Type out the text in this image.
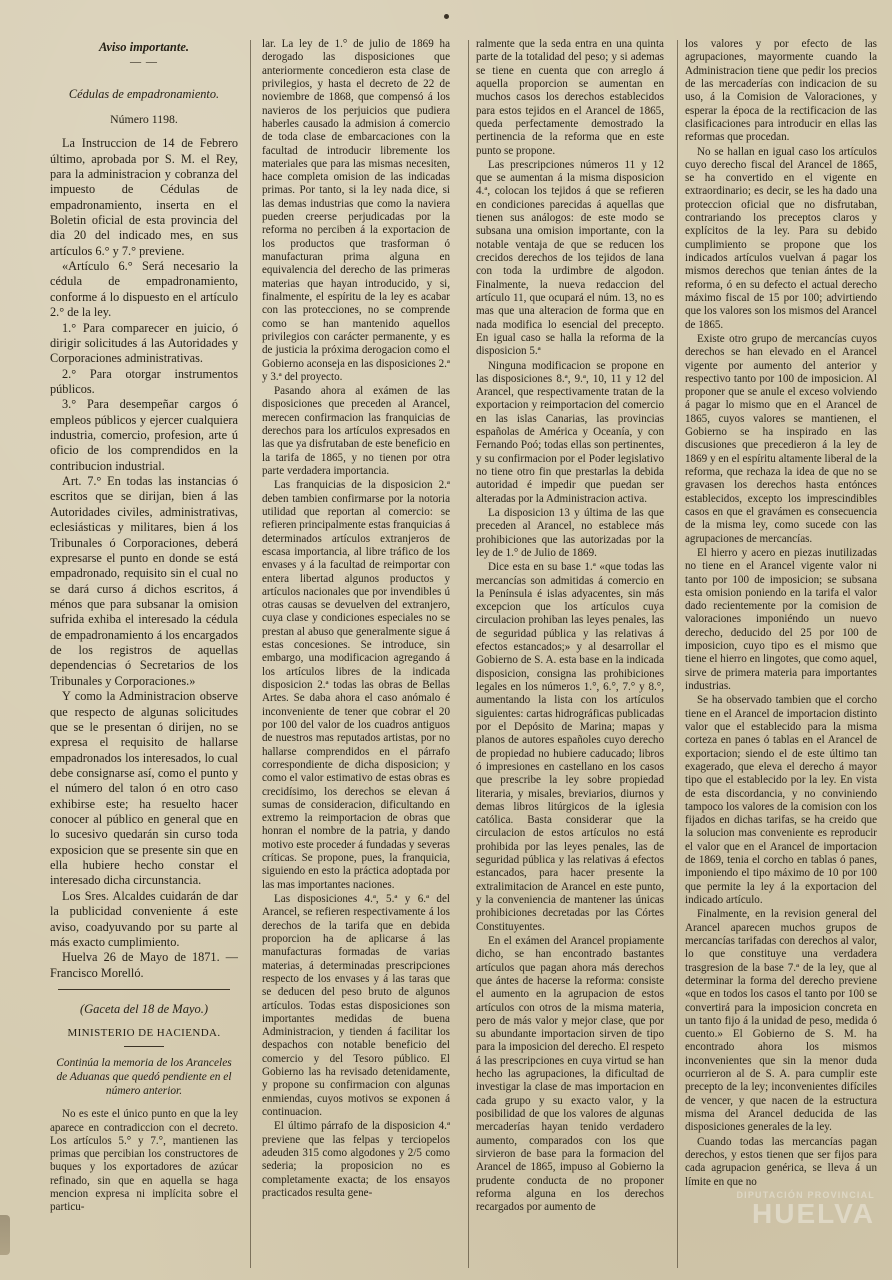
Aviso importante.

— —

Cédulas de empadronamiento.

Número 1198.

La Instruccion de 14 de Febrero último, aprobada por S. M. el Rey, para la administracion y cobranza del impuesto de Cédulas de empadronamiento, inserta en el Boletin oficial de esta provincia del dia 20 del indicado mes, en sus artículos 6.° y 7.° previene.

«Artículo 6.° Será necesario la cédula de empadronamiento, conforme á lo dispuesto en el artículo 2.° de la ley.

1.° Para comparecer en juicio, ó dirigir solicitudes á las Autoridades y Corporaciones administrativas.

2.° Para otorgar instrumentos públicos.

3.° Para desempeñar cargos ó empleos públicos y ejercer cualquiera industria, comercio, profesion, arte ú oficio de los comprendidos en la contribucion industrial.

Art. 7.° En todas las instancias ó escritos que se dirijan, bien á las Autoridades civiles, administrativas, eclesiásticas y militares, bien á los Tribunales ó Corporaciones, deberá expresarse el punto en donde se está empadronado, requisito sin el cual no se dará curso á dichos escritos, á ménos que para subsanar la omision sufrida exhiba el interesado la cédula de empadronamiento á los encargados de los registros de aquellas dependencias ó Secretarios de los Tribunales y Corporaciones.»

Y como la Administracion observe que respecto de algunas solicitudes que se le presentan ó dirijen, no se expresa el requisito de hallarse empadronados los interesados, lo cual debe consignarse así, como el punto y el número del talon ó en otro caso exhibirse este; ha resuelto hacer conocer al público en general que en lo sucesivo quedarán sin curso toda exposicion que se presente sin que en ella hubiere hecho constar el interesado dicha circunstancia.

Los Sres. Alcaldes cuidarán de dar la publicidad conveniente á este aviso, coadyuvando por su parte al más exacto cumplimiento.

Huelva 26 de Mayo de 1871. — Francisco Morelló.

(Gaceta del 18 de Mayo.)

MINISTERIO DE HACIENDA.

Continúa la memoria de los Aranceles de Aduanas que quedó pendiente en el número anterior.

No es este el único punto en que la ley aparece en contradiccion con el decreto. Los artículos 5.° y 7.°, mantienen las primas que percibian los constructores de buques y los exportadores de azúcar refinado, sin que en aquella se haga mencion expresa ni implícita sobre el particu-

lar. La ley de 1.° de julio de 1869 ha derogado las disposiciones que anteriormente concedieron esta clase de privilegios, y hasta el decreto de 22 de noviembre de 1868, que compensó á los navieros de los perjuicios que pudiera haberles causado la admision á comercio de toda clase de embarcaciones con la facultad de introducir libremente los materiales que para las mismas necesiten, hace completa omision de las indicadas primas. Por tanto, si la ley nada dice, si las demas industrias que como la naviera pueden creerse perjudicadas por la reforma no perciben á la exportacion de los productos que trasforman ó manufacturan prima alguna en equivalencia del derecho de las primeras materias que hayan introducido, y si, finalmente, el espíritu de la ley es acabar con las protecciones, no se comprende como se han mantenido aquellos privilegios con carácter permanente, y es de justicia la próxima derogacion como el Gobierno aconseja en las disposiciones 2.ª y 3.ª del proyecto.

Pasando ahora al exámen de las disposiciones que preceden al Arancel, merecen confirmacion las franquicias de derechos para los artículos expresados en las que ya disfrutaban de este beneficio en la tarifa de 1865, y no tienen por otra parte verdadera importancia.

Las franquicias de la disposicion 2.ª deben tambien confirmarse por la notoria utilidad que reportan al comercio: se refieren principalmente estas franquicias á determinados artículos extranjeros de escasa importancia, al libre tráfico de los envases y á la facultad de reimportar con entera libertad algunos productos y artículos nacionales que por invendibles ú otras causas se devuelven del extranjero, cuya clase y condiciones especiales no se prestan al abuso que generalmente sigue á estas concesiones. Se introduce, sin embargo, una modificacion agregando á los artículos libres de la indicada disposicion 2.ª todas las obras de Bellas Artes. Se daba ahora el caso anómalo é inconveniente de tener que cobrar el 20 por 100 del valor de los cuadros antiguos de nuestros mas reputados artistas, por no hallarse comprendidos en el párrafo correspondiente de dicha disposicion; y como el valor estimativo de estas obras es crecidísimo, los derechos se elevan á sumas de consideracion, dificultando en extremo la reimportacion de obras que honran el nombre de la patria, y dando motivo este proceder á fundadas y severas críticas. Se propone, pues, la franquicia, siguiendo en esto la práctica adoptada por las mas importantes naciones.

Las disposiciones 4.ª, 5.ª y 6.ª del Arancel, se refieren respectivamente á los derechos de la tarifa que en debida proporcion ha de aplicarse á las manufacturas formadas de varias materias, á determinadas prescripciones respecto de los envases y á las taras que se deducen del peso bruto de algunos artículos. Todas estas disposiciones son importantes medidas de buena Administracion, y tienden á facilitar los despachos con notable beneficio del comercio y del Tesoro público. El Gobierno las ha revisado detenidamente, y propone su confirmacion con algunas enmiendas, cuyos motivos se exponen á continuacion.

El último párrafo de la disposicion 4.ª previene que las felpas y terciopelos adeuden 315 como algodones y 2/5 como sederia; la proposicion no es completamente exacta; de los ensayos practicados resulta gene-

ralmente que la seda entra en una quinta parte de la totalidad del peso; y si ademas se tiene en cuenta que con arreglo á aquella proporcion se aumentan en muchos casos los derechos establecidos para estos tejidos en el Arancel de 1865, queda perfectamente demostrado la pertinencia de la reforma que en este punto se propone.

Las prescripciones números 11 y 12 que se aumentan á la misma disposicion 4.ª, colocan los tejidos á que se refieren en condiciones parecidas á aquellas que tienen sus análogos: de este modo se subsana una omision importante, con la notable ventaja de que se reducen los crecidos derechos de los tejidos de lana con toda la urdimbre de algodon. Finalmente, la nueva redaccion del artículo 11, que ocupará el núm. 13, no es mas que una alteracion de forma que en nada modifica lo esencial del precepto. En igual caso se halla la reforma de la disposicion 5.ª

Ninguna modificacion se propone en las disposiciones 8.ª, 9.ª, 10, 11 y 12 del Arancel, que respectivamente tratan de la exportacion y reimportacion del comercio en las islas Canarias, las provincias españolas de América y Oceanía, y con Fernando Poó; todas ellas son pertinentes, y su confirmacion por el Poder legislativo no tiene otro fin que prestarlas la debida autoridad é impedir que puedan ser alteradas por la Administracion activa.

La disposicion 13 y última de las que preceden al Arancel, no establece más prohibiciones que las autorizadas por la ley de 1.° de Julio de 1869.

Dice esta en su base 1.ª «que todas las mercancías son admitidas á comercio en la Península é islas adyacentes, sin más excepcion que los artículos cuya circulacion prohiban las leyes penales, las de seguridad pública y las relativas á efectos estancados;» y al desarrollar el Gobierno de S. A. esta base en la indicada disposicion, consigna las prohibiciones legales en los números 1.°, 6.°, 7.° y 8.°, aumentando la lista con los artículos siguientes: cartas hidrográficas publicadas por el Depósito de Marina; mapas y planos de autores españoles cuyo derecho de propiedad no hubiere caducado; libros ó impresiones en castellano en los casos que prescribe la ley sobre propiedad literaria, y misales, breviarios, diurnos y demas libros litúrgicos de la iglesia católica. Basta considerar que la circulacion de estos artículos no está prohibida por las leyes penales, las de seguridad pública y las relativas á efectos estancados, para hacer presente la extralimitacion de Arancel en este punto, y la conveniencia de mantener las únicas prohibiciones decretadas por las Córtes Constituyentes.

En el exámen del Arancel propiamente dicho, se han encontrado bastantes artículos que pagan ahora más derechos que ántes de hacerse la reforma: consiste el aumento en la agrupacion de estos artículos con otros de la misma materia, pero de más valor y mejor clase, que por su abundante importacion sirven de tipo para la imposicion del derecho. El respeto á las prescripciones en cuya virtud se han hecho las agrupaciones, la dificultad de investigar la clase de mas importacion en cada grupo y su exacto valor, y la posibilidad de que los valores de algunas mercaderías hayan tenido verdadero aumento, comparados con los que sirvieron de base para la formacion del Arancel de 1865, impuso al Gobierno la prudente conducta de no proponer reforma alguna en los derechos recargados por aumento de

los valores y por efecto de las agrupaciones, mayormente cuando la Administracion tiene que pedir los precios de las mercaderías con indicacion de su uso, á la Comision de Valoraciones, y esperar la época de la rectificacion de las clasificaciones para introducir en ellas las reformas que procedan.

No se hallan en igual caso los artículos cuyo derecho fiscal del Arancel de 1865, se ha convertido en el vigente en extraordinario; es decir, se les ha dado una proteccion oficial que no disfrutaban, contrariando los preceptos claros y explícitos de la ley. Para su debido cumplimiento se propone que los indicados artículos vuelvan á pagar los mismos derechos que tenian ántes de la reforma, ó en su defecto el actual derecho máximo fiscal de 15 por 100; advirtiendo que los valores son los mismos del Arancel de 1865.

Existe otro grupo de mercancías cuyos derechos se han elevado en el Arancel vigente por aumento del anterior y respectivo tanto por 100 de imposicion. Al proponer que se anule el exceso volviendo á pagar lo mismo que en el Arancel de 1865, cuyos valores se mantienen, el Gobierno se ha inspirado en las discusiones que precedieron á la ley de 1869 y en el espíritu altamente liberal de la reforma, que rechaza la idea de que no se gravasen los derechos hasta entónces establecidos, excepto los imprescindibles casos en que el gravámen es consecuencia de la misma ley, como sucede con las agrupaciones de mercancías.

El hierro y acero en piezas inutilizadas no tiene en el Arancel vigente valor ni tanto por 100 de imposicion; se subsana esta omision poniendo en la tarifa el valor dado recientemente por la comision de valoraciones imponiéndo un nuevo derecho, deducido del 25 por 100 de imposicion, cuyo tipo es el mismo que tiene el hierro en lingotes, que como aquel, sirve de primera materia para importantes industrias.

Se ha observado tambien que el corcho tiene en el Arancel de importacion distinto valor que el establecido para la misma corteza en panes ó tablas en el Arancel de exportacion; siendo el de este último tan exagerado, que eleva el derecho á mayor tipo que el establecido por la ley. En vista de esta discordancia, y no conviniendo tampoco los valores de la comision con los fijados en dichas tarifas, se ha creido que la solucion mas conveniente es reproducir el valor que en el Arancel de importacion de 1869, tenia el corcho en tablas ó panes, imponiendo el tipo máximo de 10 por 100 que permite la ley á la exportacion del indicado artículo.

Finalmente, en la revision general del Arancel aparecen muchos grupos de mercancías tarifadas con derechos al valor, lo que constituye una verdadera trasgresion de la base 7.ª de la ley, que al determinar la forma del derecho previene «que en todos los casos el tanto por 100 se convertirá para la imposicion concreta en un tanto fijo á la unidad de peso, medida ó cuento.» El Gobierno de S. M. ha encontrado ahora los mismos inconvenientes que sin la menor duda ocurrieron al de S. A. para cumplir este precepto de la ley; inconvenientes difíciles de vencer, y que nacen de la estructura misma del Arancel deducida de las disposiciones generales de la ley.

Cuando todas las mercancías pagan derechos, y estos tienen que ser fijos para cada agrupacion genérica, se lleva á un límite en que no

DIPUTACIÓN PROVINCIAL
HUELVA
